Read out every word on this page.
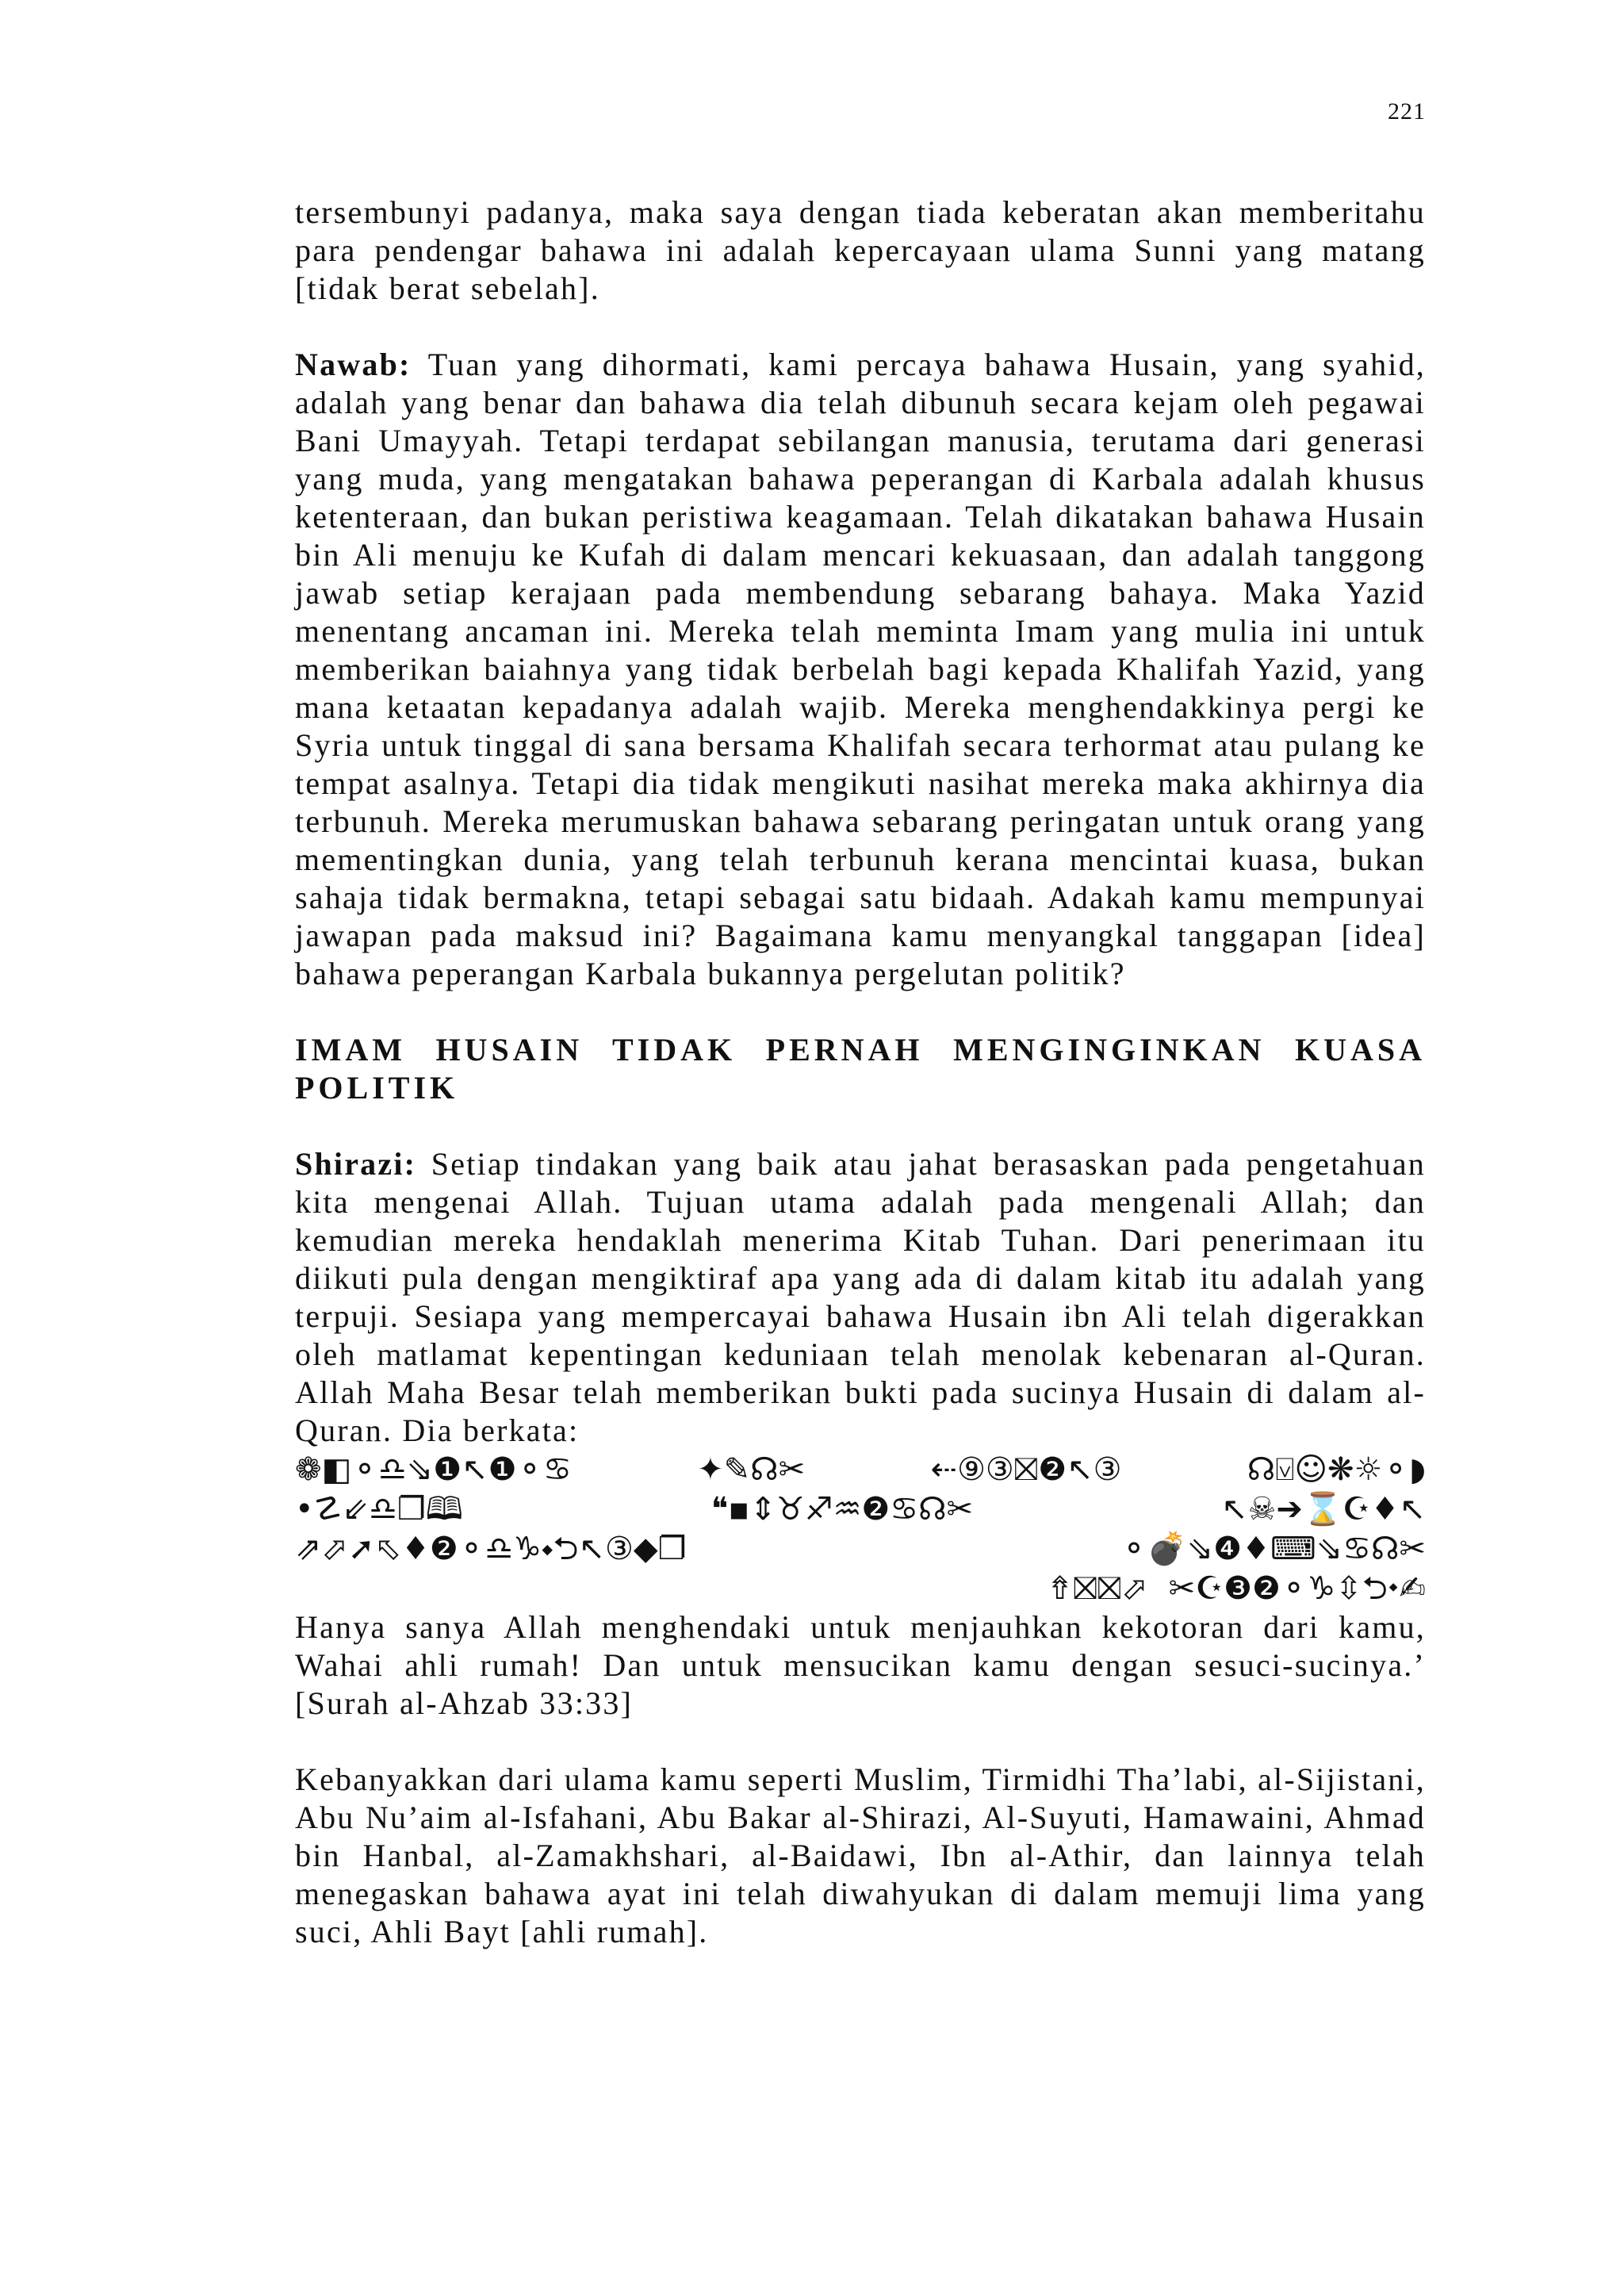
221

tersembunyi padanya, maka saya dengan tiada keberatan akan memberitahu para pendengar bahawa ini adalah kepercayaan ulama Sunni yang matang [tidak berat sebelah].

Nawab: Tuan yang dihormati, kami percaya bahawa Husain, yang syahid, adalah yang benar dan bahawa dia telah dibunuh secara kejam oleh pegawai Bani Umayyah. Tetapi terdapat sebilangan manusia, terutama dari generasi yang muda, yang mengatakan bahawa peperangan di Karbala adalah khusus ketenteraan, dan bukan peristiwa keagamaan. Telah dikatakan bahawa Husain bin Ali menuju ke Kufah di dalam mencari kekuasaan, dan adalah tanggong jawab setiap kerajaan pada membendung sebarang bahaya. Maka Yazid menentang ancaman ini. Mereka telah meminta Imam yang mulia ini untuk memberikan baiahnya yang tidak berbelah bagi kepada Khalifah Yazid, yang mana ketaatan kepadanya adalah wajib. Mereka menghendakkinya pergi ke Syria untuk tinggal di sana bersama Khalifah secara terhormat atau pulang ke tempat asalnya. Tetapi dia tidak mengikuti nasihat mereka maka akhirnya dia terbunuh. Mereka merumuskan bahawa sebarang peringatan untuk orang yang mementingkan dunia, yang telah terbunuh kerana mencintai kuasa, bukan sahaja tidak bermakna, tetapi sebagai satu bidaah. Adakah kamu mempunyai jawapan pada maksud ini? Bagaimana kamu menyangkal tanggapan [idea] bahawa peperangan Karbala bukannya pergelutan politik?

IMAM HUSAIN TIDAK PERNAH MENGINGINKAN KUASA POLITIK

Shirazi: Setiap tindakan yang baik atau jahat berasaskan pada pengetahuan kita mengenai Allah. Tujuan utama adalah pada mengenali Allah; dan kemudian mereka hendaklah menerima Kitab Tuhan. Dari penerimaan itu diikuti pula dengan mengiktiraf apa yang ada di dalam kitab itu adalah yang terpuji. Sesiapa yang mempercayai bahawa Husain ibn Ali telah digerakkan oleh matlamat kepentingan keduniaan telah menolak kebenaran al-Quran. Allah Maha Besar telah memberikan bukti pada sucinya Husain di dalam al-Quran. Dia berkata:

❁◧⚬♎⇘❶↖❶⚬♋	✦✎☊✂	⇠⑨③⛝❷↖③	☊⍌☺❋☼⚬◗
•☡⇙♎❐🕮	❝▪⇕♉♐♒❷♋☊✂	↖☠➔⌛☪♦↖
⇗⬀➚⬁♦❷⚬♎♑⬩⮌↖③◆❐	⚬💣⇘❹♦⌨⇘♋☊✂
⇮⛝⛝⬀ ✂☪❸❷⚬♑⇳⮌⬩✍

Hanya sanya Allah menghendaki untuk menjauhkan kekotoran dari kamu, Wahai ahli rumah! Dan untuk mensucikan kamu dengan sesuci-sucinya.’ [Surah al-Ahzab 33:33]

Kebanyakkan dari ulama kamu seperti Muslim, Tirmidhi Tha’labi, al-Sijistani, Abu Nu’aim al-Isfahani, Abu Bakar al-Shirazi, Al-Suyuti, Hamawaini, Ahmad bin Hanbal, al-Zamakhshari, al-Baidawi, Ibn al-Athir, dan lainnya telah menegaskan bahawa ayat ini telah diwahyukan di dalam memuji lima yang suci, Ahli Bayt [ahli rumah].
